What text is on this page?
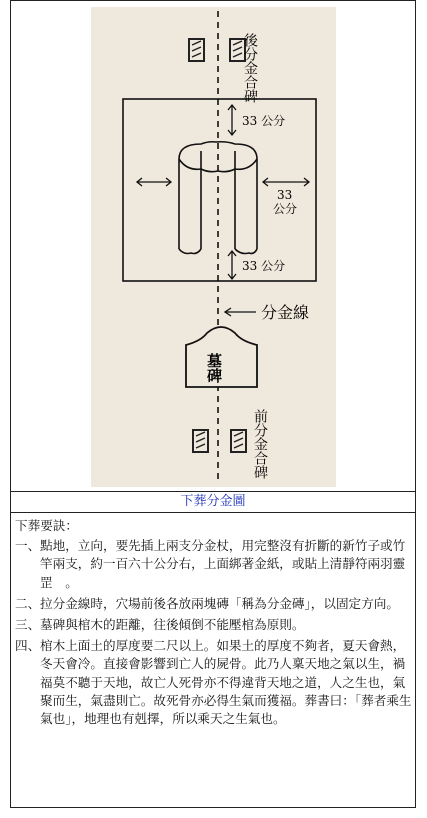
後分金合碑
33 公分
33
公分
33 公分
分金線
墓碑
前分金合碑
下葬分金圖
下葬要訣：
一、 點地，立向，要先插上兩支分金杖，用完整沒有折斷的新竹子或竹竿兩支，約一百六十公分右，上面綁著金紙，或貼上清靜符兩羽靈罡　。
二、 拉分金線時，穴場前後各放兩塊磚「稱為分金磚」，以固定方向。
三、 墓碑與棺木的距離，往後傾倒不能壓棺為原則。
四、 棺木上面土的厚度要二尺以上。如果土的厚度不夠者，夏天會熱，冬天會冷。直接會影響到亡人的屍骨。此乃人稟天地之氣以生，禍福莫不聽于天地，故亡人死骨亦不得違背天地之道，人之生也，氣聚而生，氣盡則亡。故死骨亦必得生氣而獲福。葬書曰：「葬者乘生氣也」，地理也有剋擇，所以乘天之生氣也。
